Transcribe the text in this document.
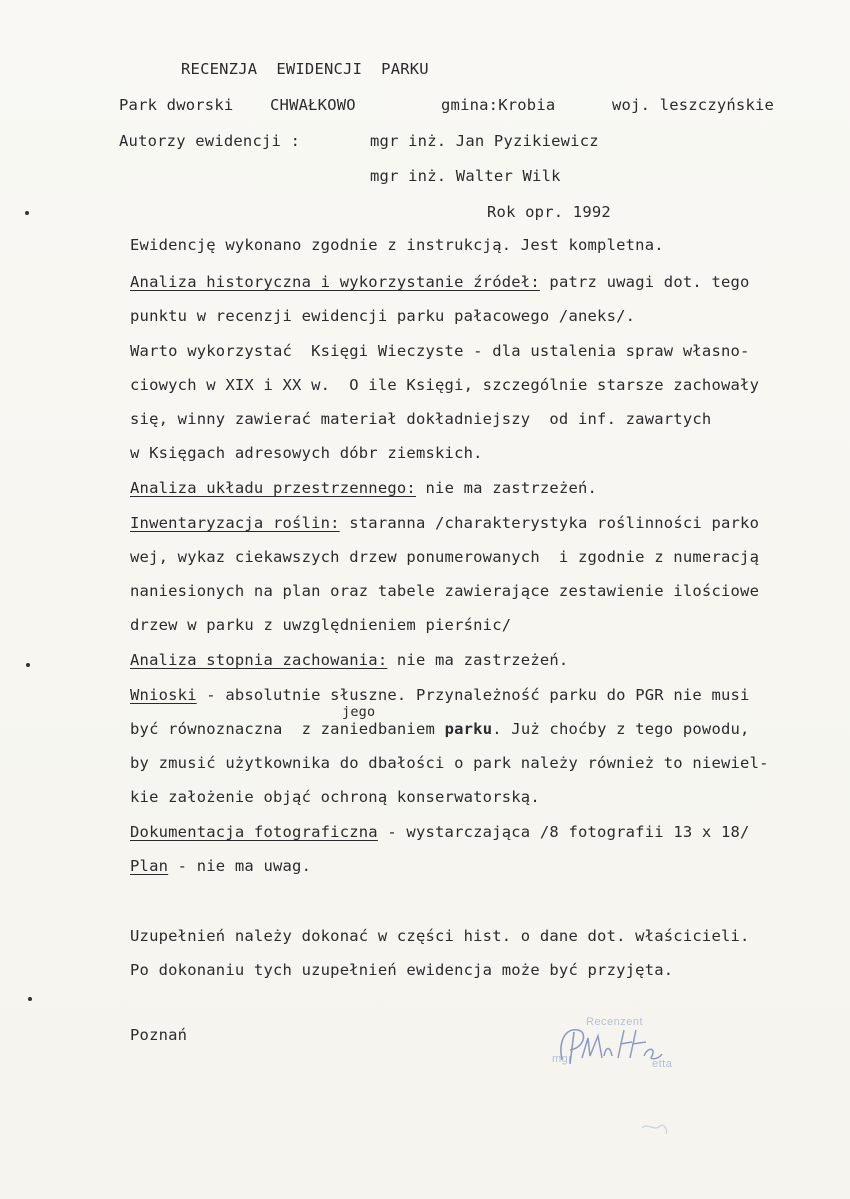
RECENZJA  EWIDENCJI  PARKU
Park dworski CHWAŁKOWO	gmina:Krobia	woj. leszczyńskie
Autorzy ewidencji :	mgr inż. Jan Pyzikiewicz
mgr inż. Walter Wilk
Rok opr. 1992
Ewidencję wykonano zgodnie z instrukcją. Jest kompletna.
Analiza historyczna i wykorzystanie źródeł: patrz uwagi dot. tego
punktu w recenzji ewidencji parku pałacowego /aneks/.
Warto wykorzystać  Księgi Wieczyste - dla ustalenia spraw własno-
ciowych w XIX i XX w.  O ile Księgi, szczególnie starsze zachowały
się, winny zawierać materiał dokładniejszy  od inf. zawartych
w Księgach adresowych dóbr ziemskich.
Analiza układu przestrzennego: nie ma zastrzeżeń.
Inwentaryzacja roślin: staranna /charakterystyka roślinności parko
wej, wykaz ciekawszych drzew ponumerowanych  i zgodnie z numeracją
naniesionych na plan oraz tabele zawierające zestawienie ilościowe
drzew w parku z uwzględnieniem pierśnic/
Analiza stopnia zachowania: nie ma zastrzeżeń.
Wnioski - absolutnie słuszne. Przynależność parku do PGR nie musi
jego
być równoznaczna  z zaniedbaniem parku. Już choćby z tego powodu,
by zmusić użytkownika do dbałości o park należy również to niewiel-
kie założenie objąć ochroną konserwatorską.
Dokumentacja fotograficzna - wystarczająca /8 fotografii 13 x 18/
Plan - nie ma uwag.
Uzupełnień należy dokonać w części hist. o dane dot. właścicieli.
Po dokonaniu tych uzupełnień ewidencja może być przyjęta.
Poznań
Recenzent
mgr	etta
